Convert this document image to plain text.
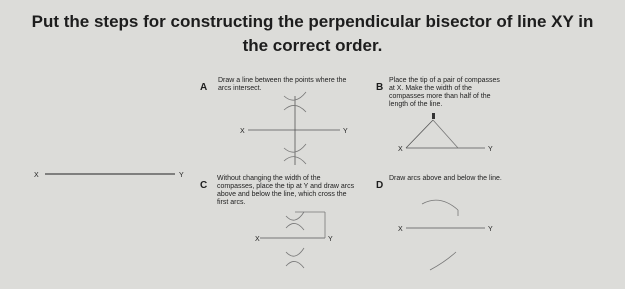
Put the steps for constructing the perpendicular bisector of line XY in
the correct order.
X	Y
A
Draw a line between the points where the arcs intersect.
X	Y
B
Place the tip of a pair of compasses at X. Make the width of the compasses more than half of the length of the line.
X	Y
C
Without changing the width of the compasses, place the tip at Y and draw arcs above and below the line, which cross the first arcs.
X	Y
D
Draw arcs above and below the line.
X	Y
